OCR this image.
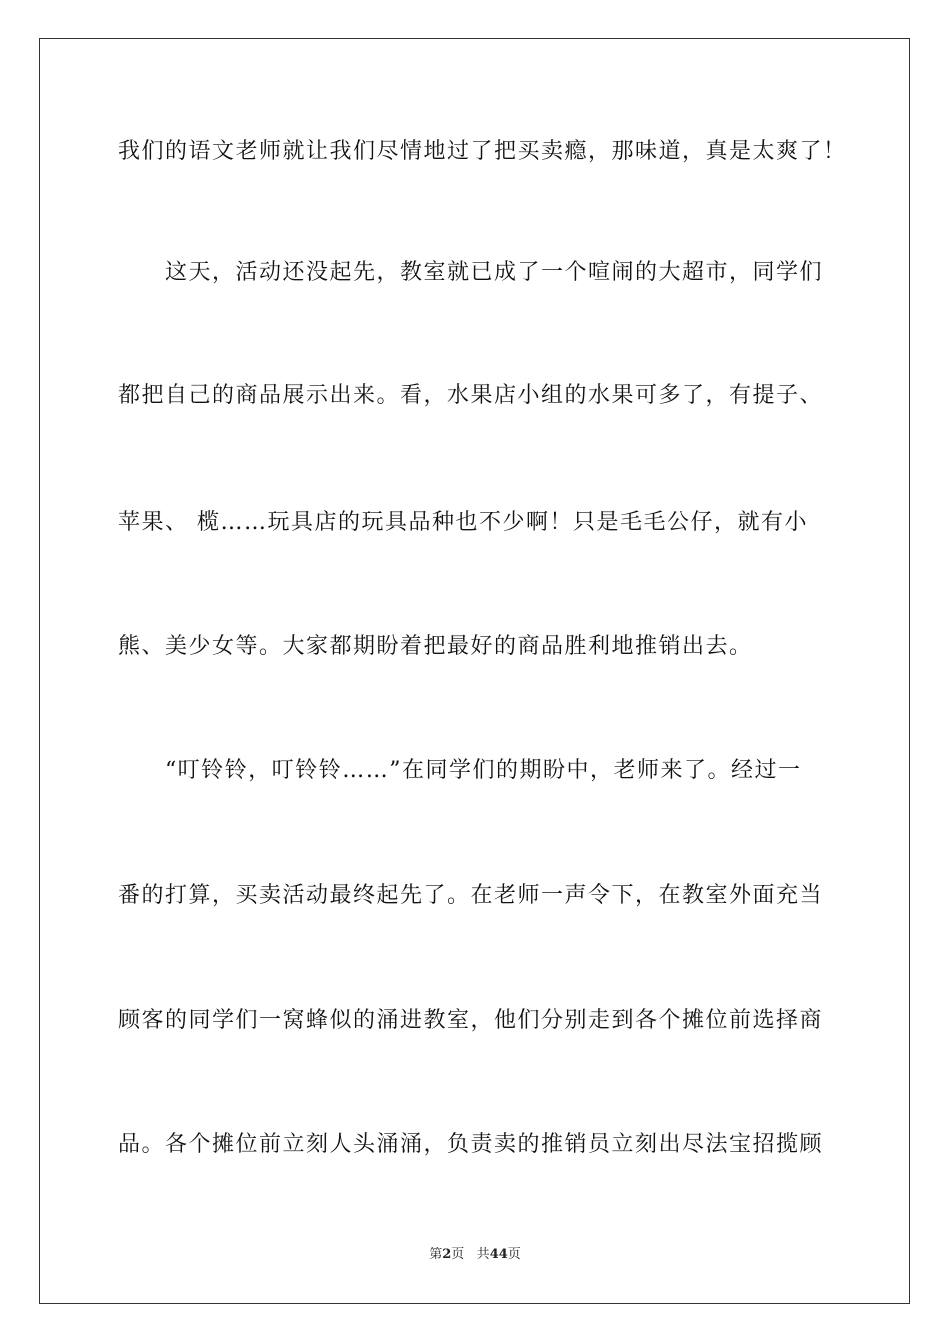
我们的语文老师就让我们尽情地过了把买卖瘾，那味道，真是太爽了！
　　这天，活动还没起先，教室就已成了一个喧闹的大超市，同学们
都把自己的商品展示出来。看，水果店小组的水果可多了，有提子、
苹果、 榄……玩具店的玩具品种也不少啊！只是毛毛公仔，就有小
熊、美少女等。大家都期盼着把最好的商品胜利地推销出去。
　　“叮铃铃，叮铃铃……”在同学们的期盼中，老师来了。经过一
番的打算，买卖活动最终起先了。在老师一声令下，在教室外面充当
顾客的同学们一窝蜂似的涌进教室，他们分别走到各个摊位前选择商
品。各个摊位前立刻人头涌涌，负责卖的推销员立刻出尽法宝招揽顾
第2页 共44页
